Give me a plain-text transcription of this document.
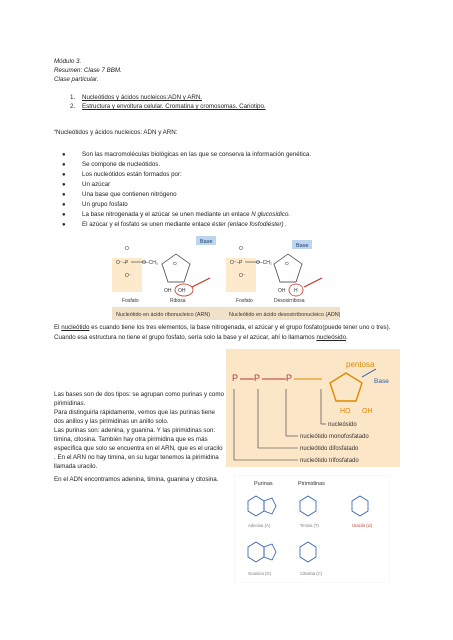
Módulo 3.
Resumen: Clase 7 BBM.
Clase particular.
1. Nucleótidos y ácidos nucleicos:ADN y ARN.
2. Estructura y envoltura celular. Cromatina y cromosomas. Cariotipo.
“Nucleótidos y ácidos nucleicos: ADN y ARN:
●	Son las macromoléculas biológicas en las que se conserva la información genética.
●	Se compone de nucleótidos.
●	Los nucleótidos están formados por:
●	Un azúcar
●	Una base que contienen nitrógeno
●	Un grupo fosfato
●	La base nitrogenada y el azúcar se unen mediante un enlace N glucosídico.
●	El azúcar y el fosfato se unen mediante enlace éster (enlace fosfodiéster) .
Nucleótido en ácido ribonucleico (ARN)	Nucleótido en ácido desoxirribonucleico (ADN)
O
P
O⁻–
O⁻
O–CH₂
Base
O
OH OH
Fosfato	Ribosa
O
P
O⁻–
O⁻
O–CH₂
Base
O
OH H
Fosfato	Desoxirribosa
El nucleótido es cuando tiene los tres elementos, la base nitrogenada, el azúcar y el grupo fosfato(puede tener uno o tres).
Cuando esa estructura no tiene el grupo fosfato, sería solo la base y el azúcar, ahí lo llamamos nucleósido.
pentosa
Base
P P	P
HO OH
nucleósido
nucleótido monofosfatado
nucleótido difosfatado
nucleótido trifosfatado
Las bases son de dos tipos: se agrupan como purinas y como
pirimidinas.
Para distinguirla rápidamente, vemos que las purinas tiene
dos anillos y las pirimidinas un anillo solo.
Las purinas son: adenina, y guanina. Y las pirimidinas son:
timina, citosina. También hay otra pirimidina que es más
específica que solo se encuentra en el ARN, que es el uracilo
. En el ARN no hay timina, en su lugar tenemos la pirimidina
llamada uracilo.
En el ADN encontramos adenina, timina, guanina y citosina.
Purinas	Pirimidinas
Adenina (A)	Timina (T)	Uracilo (U)
Guanina (G)	Citosina (C)
